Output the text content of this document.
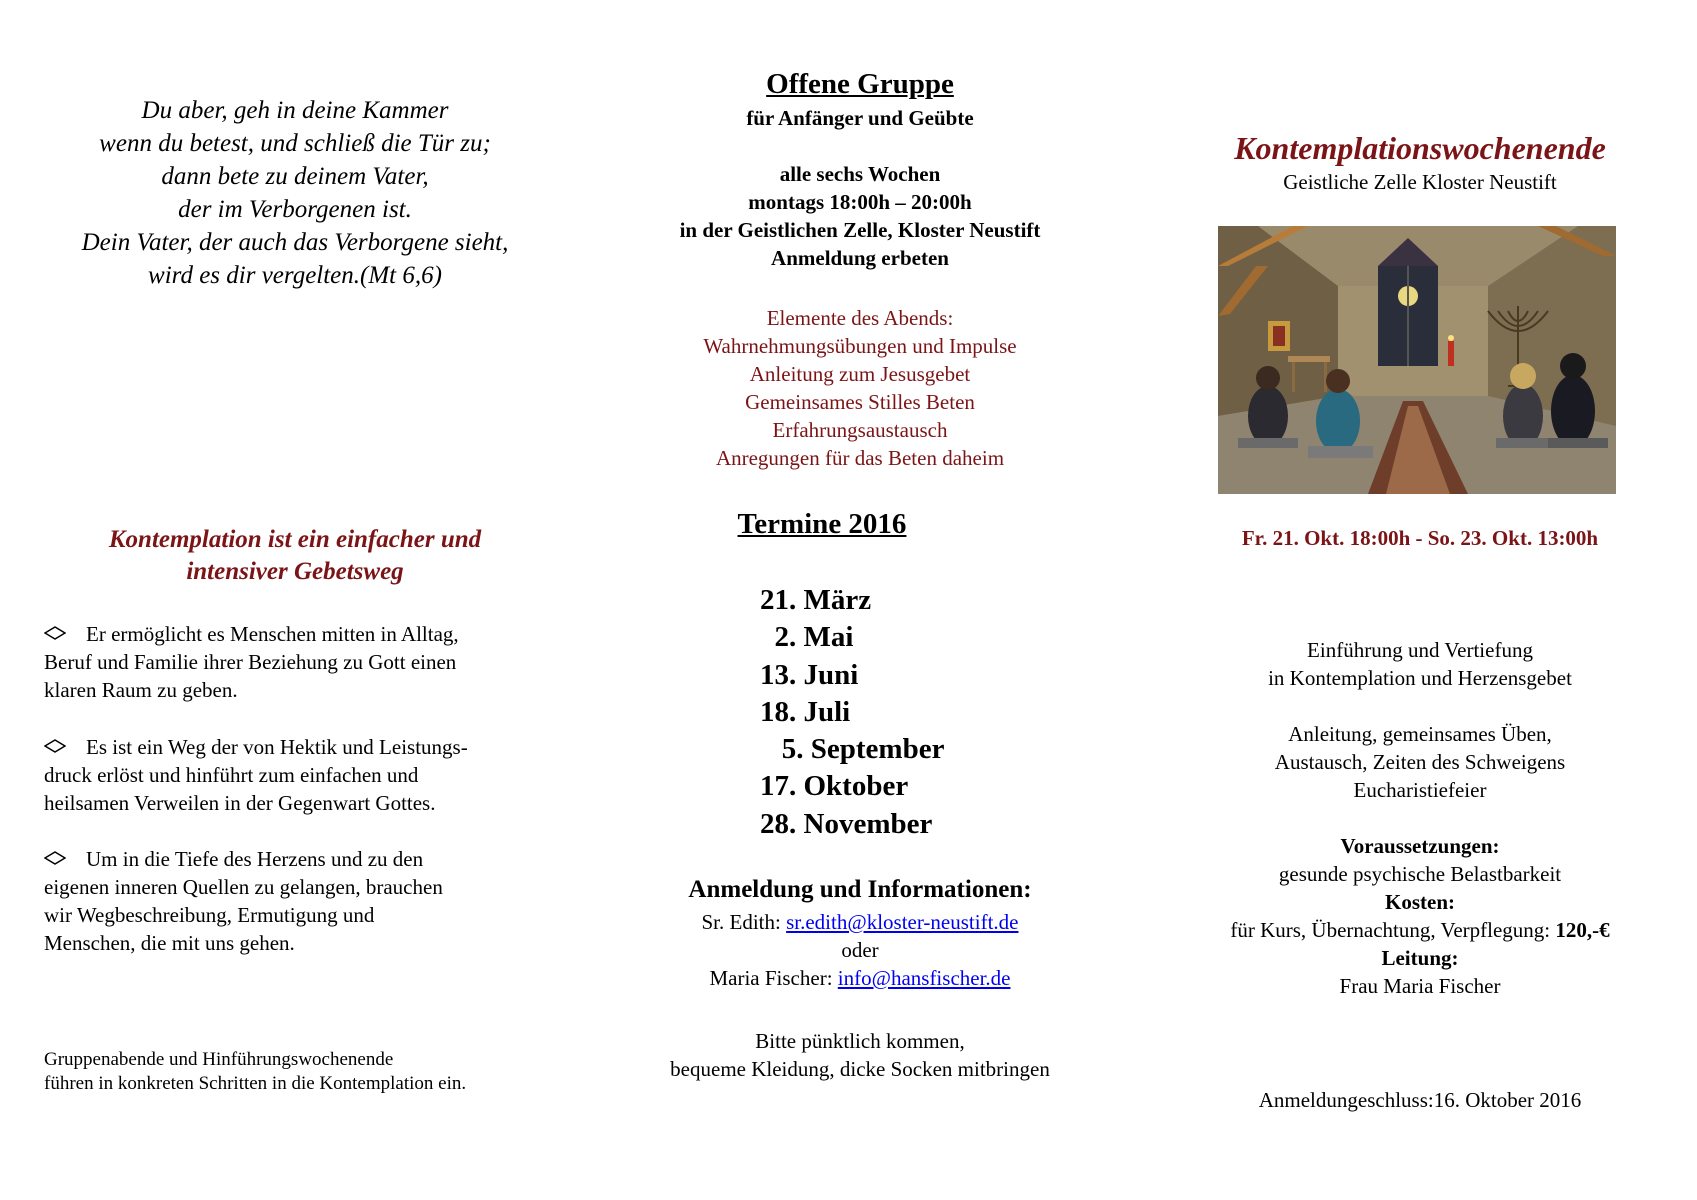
Du aber, geh in deine Kammer
wenn du betest, und schließ die Tür zu;
dann bete zu deinem Vater,
der im Verborgenen ist.
Dein Vater, der auch das Verborgene sieht,
wird es dir vergelten.(Mt 6,6)
Kontemplation ist ein einfacher und
intensiver Gebetsweg
Er ermöglicht es Menschen mitten in Alltag,
Beruf und Familie ihrer Beziehung zu Gott einen
klaren Raum zu geben.
Es ist ein Weg der von Hektik und Leistungs-
druck erlöst und hinführt zum einfachen und
heilsamen Verweilen in der Gegenwart Gottes.
Um in die Tiefe des Herzens und zu den
eigenen inneren Quellen zu gelangen, brauchen
wir Wegbeschreibung, Ermutigung und
Menschen, die mit uns gehen.
Gruppenabende und Hinführungswochenende
führen in konkreten Schritten in die Kontemplation ein.
Offene Gruppe
für Anfänger und Geübte
alle sechs Wochen
montags 18:00h – 20:00h
in der Geistlichen Zelle, Kloster Neustift
Anmeldung erbeten
Elemente des Abends:
Wahrnehmungsübungen und Impulse
Anleitung zum Jesusgebet
Gemeinsames Stilles Beten
Erfahrungsaustausch
Anregungen für das Beten daheim
Termine 2016
21. März
2. Mai
13. Juni
18. Juli
5. September
17. Oktober
28. November
Anmeldung und Informationen:
Sr. Edith: sr.edith@kloster-neustift.de
oder
Maria Fischer: info@hansfischer.de
Bitte pünktlich kommen,
bequeme Kleidung, dicke Socken mitbringen
Kontemplationswochenende
Geistliche Zelle Kloster Neustift
Fr. 21. Okt. 18:00h - So. 23. Okt. 13:00h
Einführung und Vertiefung
in Kontemplation und Herzensgebet
Anleitung, gemeinsames Üben,
Austausch, Zeiten des Schweigens
Eucharistiefeier
Voraussetzungen:
gesunde psychische Belastbarkeit
Kosten:
für Kurs, Übernachtung, Verpflegung: 120,-€
Leitung:
Frau Maria Fischer
Anmeldungeschluss:16. Oktober 2016
